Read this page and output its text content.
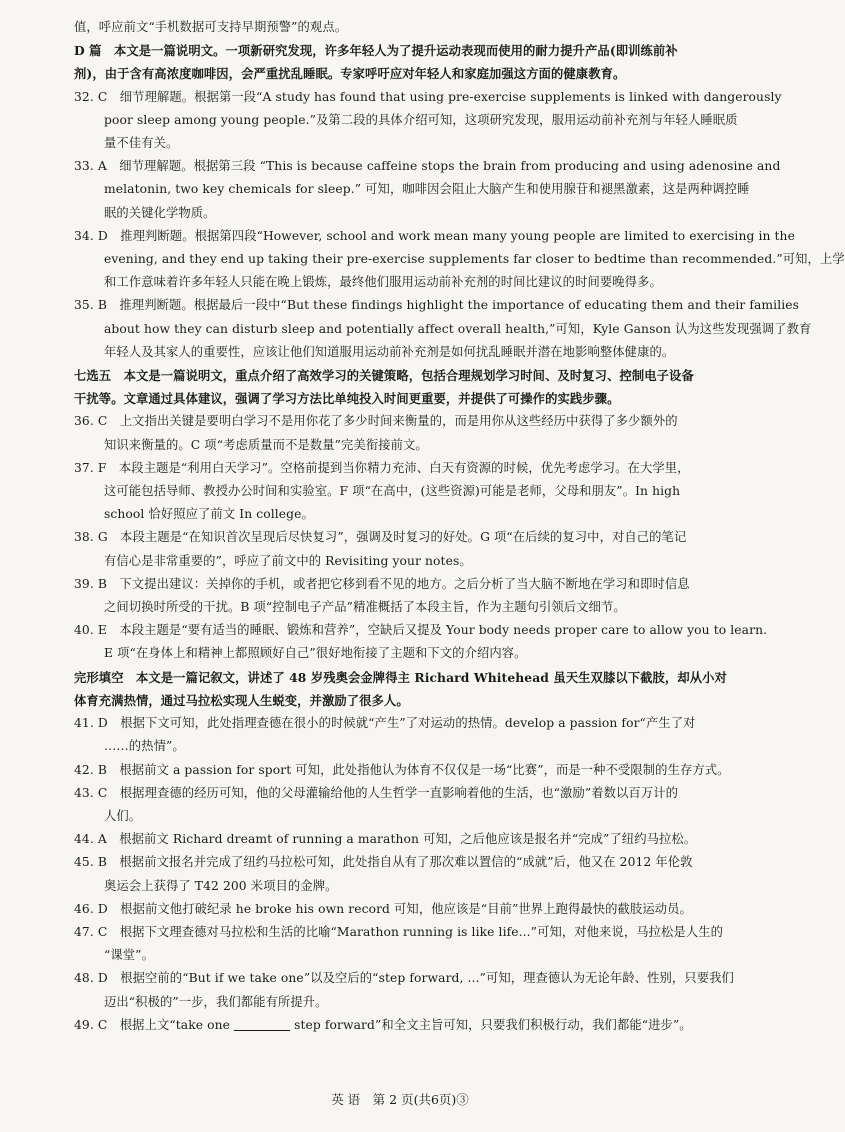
值，呼应前文“手机数据可支持早期预警”的观点。
D 篇　本文是一篇说明文。一项新研究发现，许多年轻人为了提升运动表现而使用的耐力提升产品(即训练前补
剂)，由于含有高浓度咖啡因，会严重扰乱睡眠。专家呼吁应对年轻人和家庭加强这方面的健康教育。
32. C　细节理解题。根据第一段“A study has found that using pre-exercise supplements is linked with dangerously
poor sleep among young people.”及第二段的具体介绍可知，这项研究发现，服用运动前补充剂与年轻人睡眠质
量不佳有关。
33. A　细节理解题。根据第三段 “This is because caffeine stops the brain from producing and using adenosine and
melatonin, two key chemicals for sleep.” 可知，咖啡因会阻止大脑产生和使用腺苷和褪黑激素，这是两种调控睡
眠的关键化学物质。
34. D　推理判断题。根据第四段“However, school and work mean many young people are limited to exercising in the
evening, and they end up taking their pre-exercise supplements far closer to bedtime than recommended.”可知，上学
和工作意味着许多年轻人只能在晚上锻炼，最终他们服用运动前补充剂的时间比建议的时间要晚得多。
35. B　推理判断题。根据最后一段中“But these findings highlight the importance of educating them and their families
about how they can disturb sleep and potentially affect overall health,”可知，Kyle Ganson 认为这些发现强调了教育
年轻人及其家人的重要性，应该让他们知道服用运动前补充剂是如何扰乱睡眠并潜在地影响整体健康的。
七选五　本文是一篇说明文，重点介绍了高效学习的关键策略，包括合理规划学习时间、及时复习、控制电子设备
干扰等。文章通过具体建议，强调了学习方法比单纯投入时间更重要，并提供了可操作的实践步骤。
36. C　上文指出关键是要明白学习不是用你花了多少时间来衡量的，而是用你从这些经历中获得了多少额外的
知识来衡量的。C 项“考虑质量而不是数量”完美衔接前文。
37. F　本段主题是“利用白天学习”。空格前提到当你精力充沛、白天有资源的时候，优先考虑学习。在大学里，
这可能包括导师、教授办公时间和实验室。F 项“在高中，(这些资源)可能是老师，父母和朋友”。In high
school 恰好照应了前文 In college。
38. G　本段主题是“在知识首次呈现后尽快复习”，强调及时复习的好处。G 项“在后续的复习中，对自己的笔记
有信心是非常重要的”，呼应了前文中的 Revisiting your notes。
39. B　下文提出建议：关掉你的手机，或者把它移到看不见的地方。之后分析了当大脑不断地在学习和即时信息
之间切换时所受的干扰。B 项“控制电子产品”精准概括了本段主旨，作为主题句引领后文细节。
40. E　本段主题是“要有适当的睡眠、锻炼和营养”，空缺后又提及 Your body needs proper care to allow you to learn.
E 项“在身体上和精神上都照顾好自己”很好地衔接了主题和下文的介绍内容。
完形填空　本文是一篇记叙文，讲述了 48 岁残奥会金牌得主 Richard Whitehead 虽天生双膝以下截肢，却从小对
体育充满热情，通过马拉松实现人生蜕变，并激励了很多人。
41. D　根据下文可知，此处指理查德在很小的时候就“产生”了对运动的热情。develop a passion for“产生了对
……的热情”。
42. B　根据前文 a passion for sport 可知，此处指他认为体育不仅仅是一场“比赛”，而是一种不受限制的生存方式。
43. C　根据理查德的经历可知，他的父母灌输给他的人生哲学一直影响着他的生活，也“激励”着数以百万计的
人们。
44. A　根据前文 Richard dreamt of running a marathon 可知，之后他应该是报名并“完成”了纽约马拉松。
45. B　根据前文报名并完成了纽约马拉松可知，此处指自从有了那次难以置信的“成就”后，他又在 2012 年伦敦
奥运会上获得了 T42 200 米项目的金牌。
46. D　根据前文他打破纪录 he broke his own record 可知，他应该是“目前”世界上跑得最快的截肢运动员。
47. C　根据下文理查德对马拉松和生活的比喻“Marathon running is like life...”可知，对他来说，马拉松是人生的
“课堂”。
48. D　根据空前的“But if we take one”以及空后的“step forward, ...”可知，理查德认为无论年龄、性别，只要我们
迈出“积极的”一步，我们都能有所提升。
49. C　根据上文“take one	step forward”和全文主旨可知，只要我们积极行动，我们都能“进步”。
英 语　第 2 页(共6页)③
